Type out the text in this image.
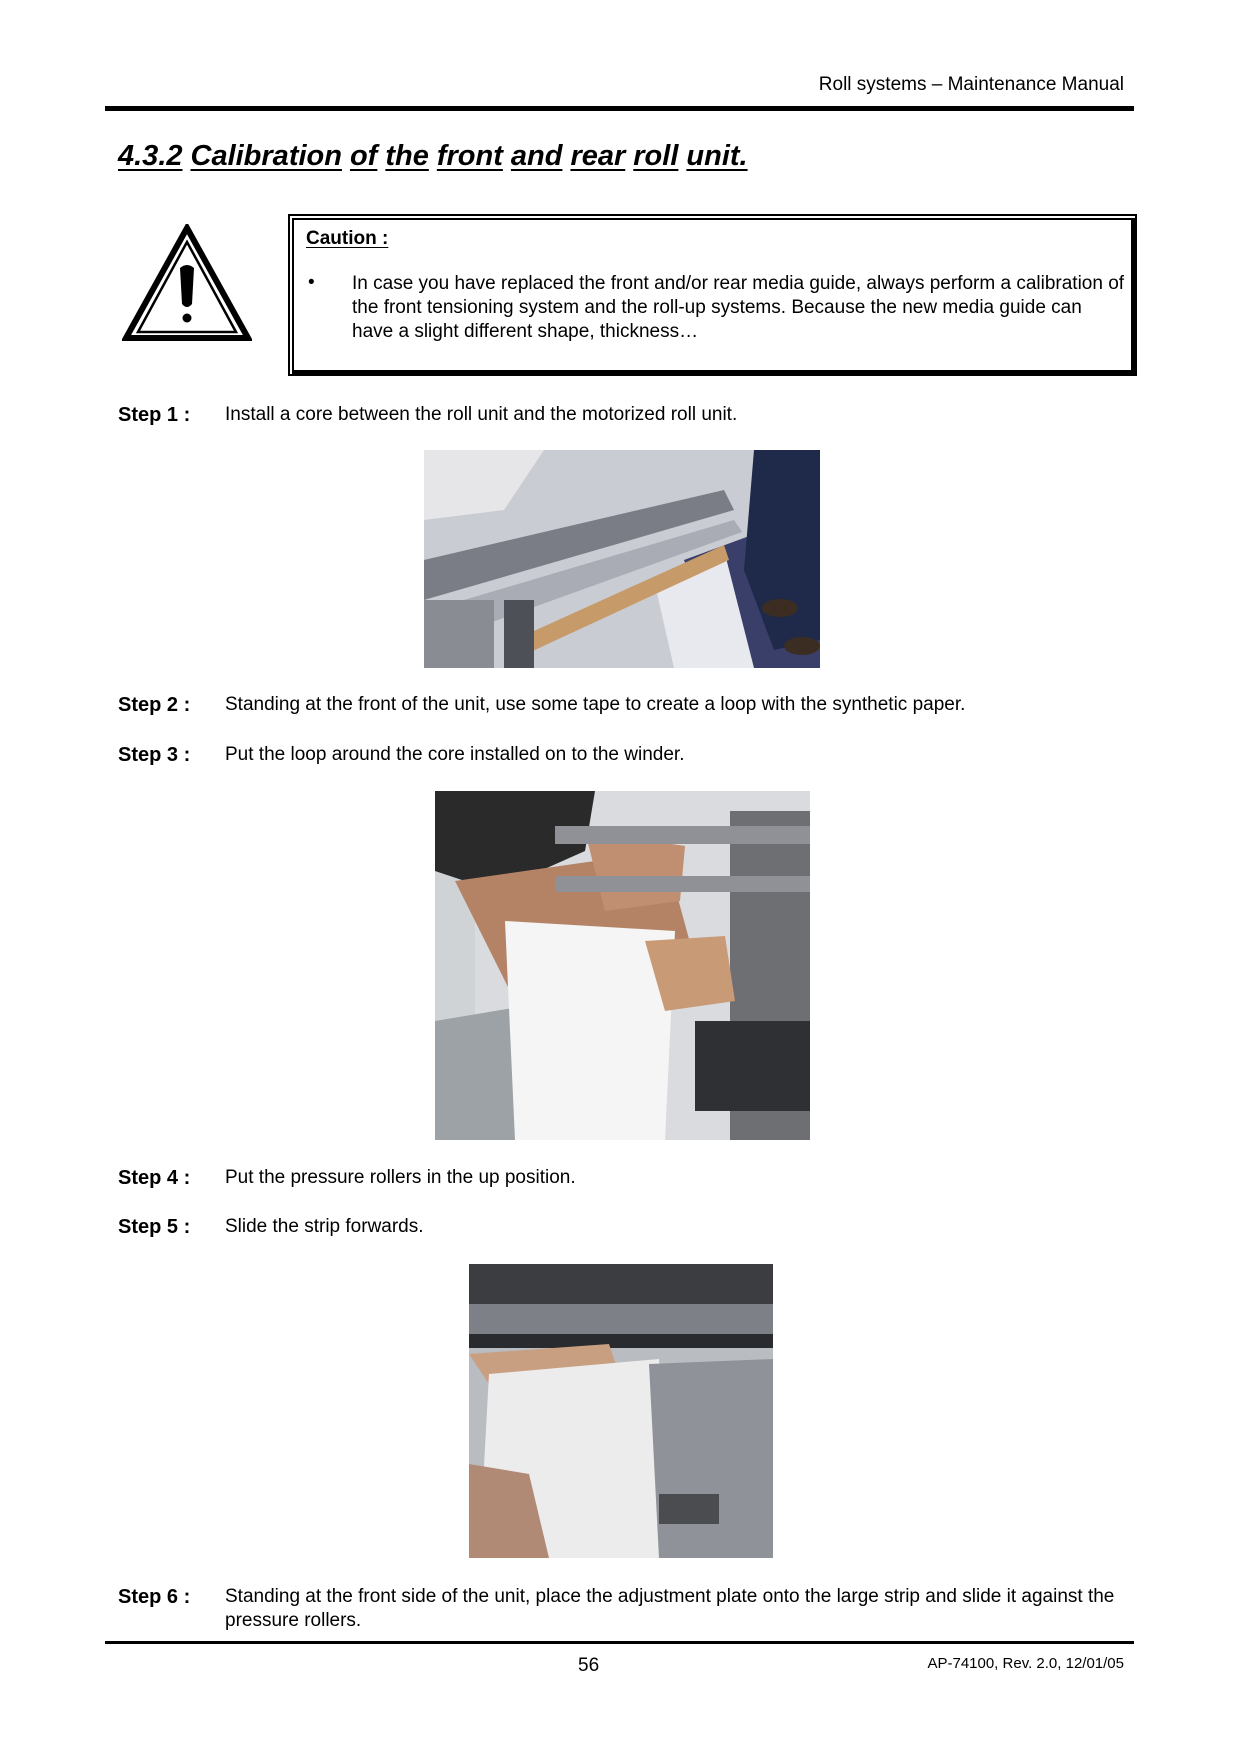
Roll systems – Maintenance Manual
4.3.2 Calibration of the front and rear roll unit.
Caution :
• In case you have replaced the front and/or rear media guide, always perform a calibration of the front tensioning system and the roll-up systems. Because the new media guide can have a slight different shape, thickness…
Step 1 : Install a core between the roll unit and the motorized roll unit.
Step 2 : Standing at the front of the unit, use some tape to create a loop with the synthetic paper.
Step 3 : Put the loop around the core installed on to the winder.
Step 4 : Put the pressure rollers in the up position.
Step 5 : Slide the strip forwards.
Step 6 : Standing at the front side of the unit, place the adjustment plate onto the large strip and slide it against the pressure rollers.
56	AP-74100, Rev. 2.0, 12/01/05
